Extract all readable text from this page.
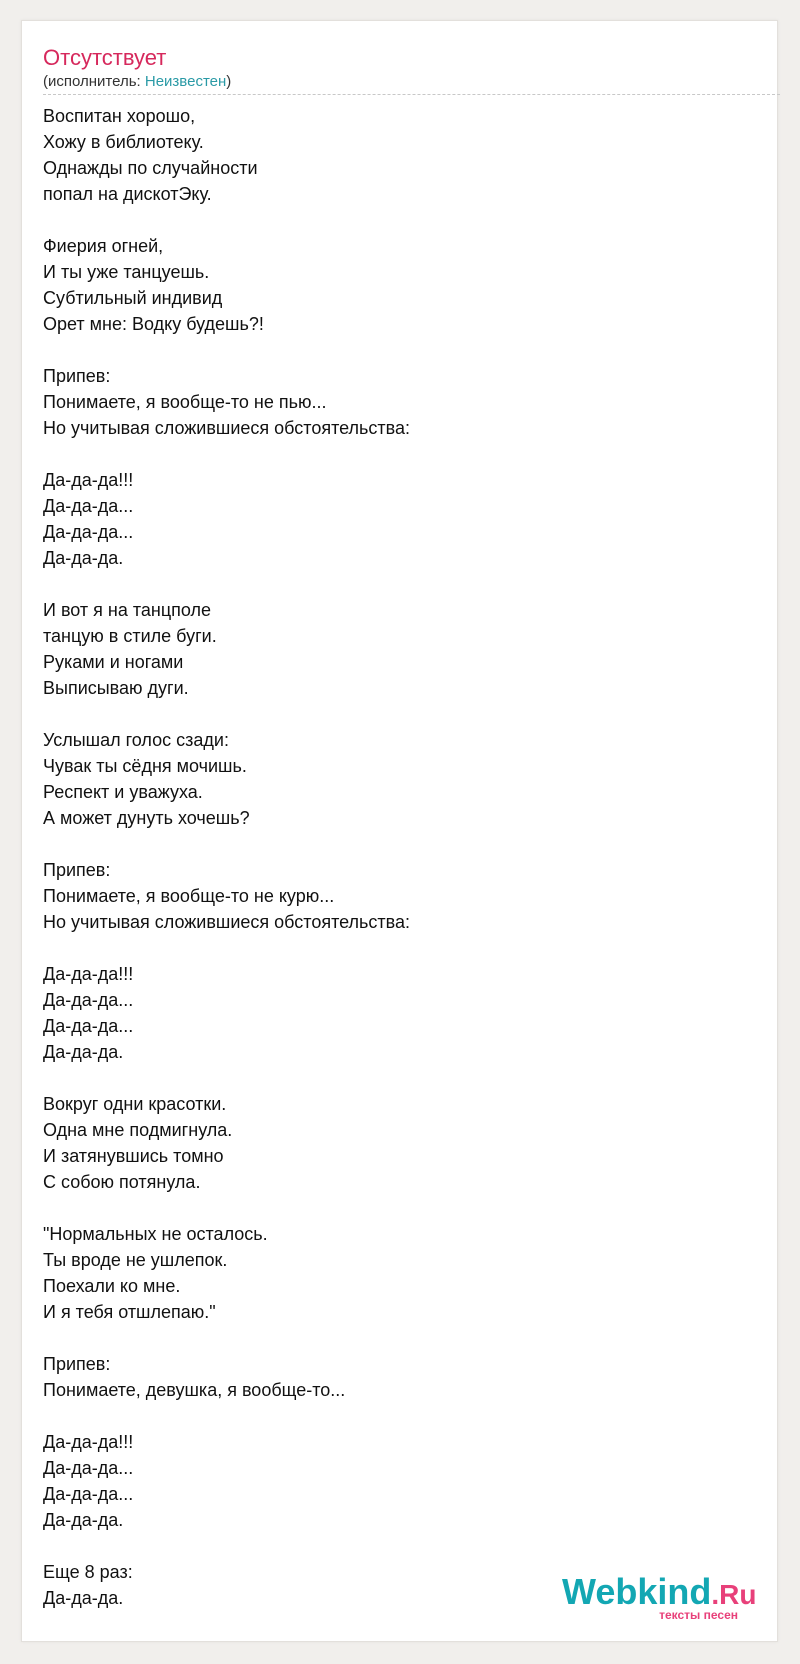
Отсутствует
(исполнитель: Неизвестен)
Воспитан хорошо,
Хожу в библиотеку.
Однажды по случайности
попал на дискотЭку.
Фиерия огней,
И ты уже танцуешь.
Субтильный индивид
Орет мне: Водку будешь?!
Припев:
Понимаете, я вообще-то не пью...
Но учитывая сложившиеся обстоятельства:
Да-да-да!!!
Да-да-да...
Да-да-да...
Да-да-да.
И вот я на танцполе
танцую в стиле буги.
Руками и ногами
Выписываю дуги.
Услышал голос сзади:
Чувак ты сёдня мочишь.
Респект и уважуха.
А может дунуть хочешь?
Припев:
Понимаете, я вообще-то не курю...
Но учитывая сложившиеся обстоятельства:
Да-да-да!!!
Да-да-да...
Да-да-да...
Да-да-да.
Вокруг одни красотки.
Одна мне подмигнула.
И затянувшись томно
С собою потянула.
"Нормальных не осталось.
Ты вроде не ушлепок.
Поехали ко мне.
И я тебя отшлепаю."
Припев:
Понимаете, девушка, я вообще-то...
Да-да-да!!!
Да-да-да...
Да-да-да...
Да-да-да.
Еще 8 раз:
Да-да-да.	Webkind.Ru
тексты песен
